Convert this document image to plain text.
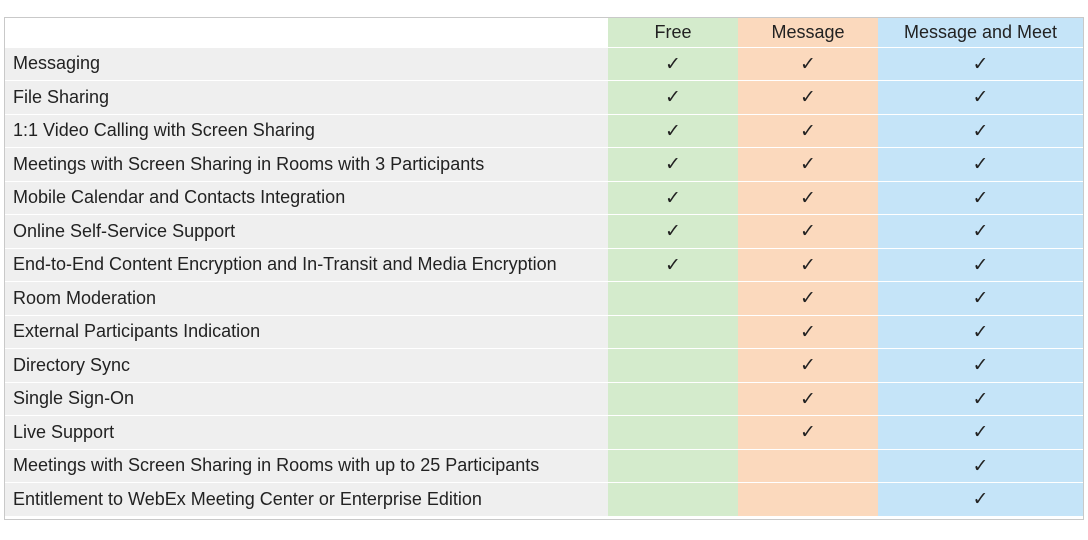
	Free	Message	Message and Meet
Messaging	✓	✓	✓
File Sharing	✓	✓	✓
1:1 Video Calling with Screen Sharing	✓	✓	✓
Meetings with Screen Sharing in Rooms with 3 Participants	✓	✓	✓
Mobile Calendar and Contacts Integration	✓	✓	✓
Online Self-Service Support	✓	✓	✓
End-to-End Content Encryption and In-Transit and Media Encryption	✓	✓	✓
Room Moderation		✓	✓
External Participants Indication		✓	✓
Directory Sync		✓	✓
Single Sign-On		✓	✓
Live Support		✓	✓
Meetings with Screen Sharing in Rooms with up to 25 Participants			✓
Entitlement to WebEx Meeting Center or Enterprise Edition			✓
